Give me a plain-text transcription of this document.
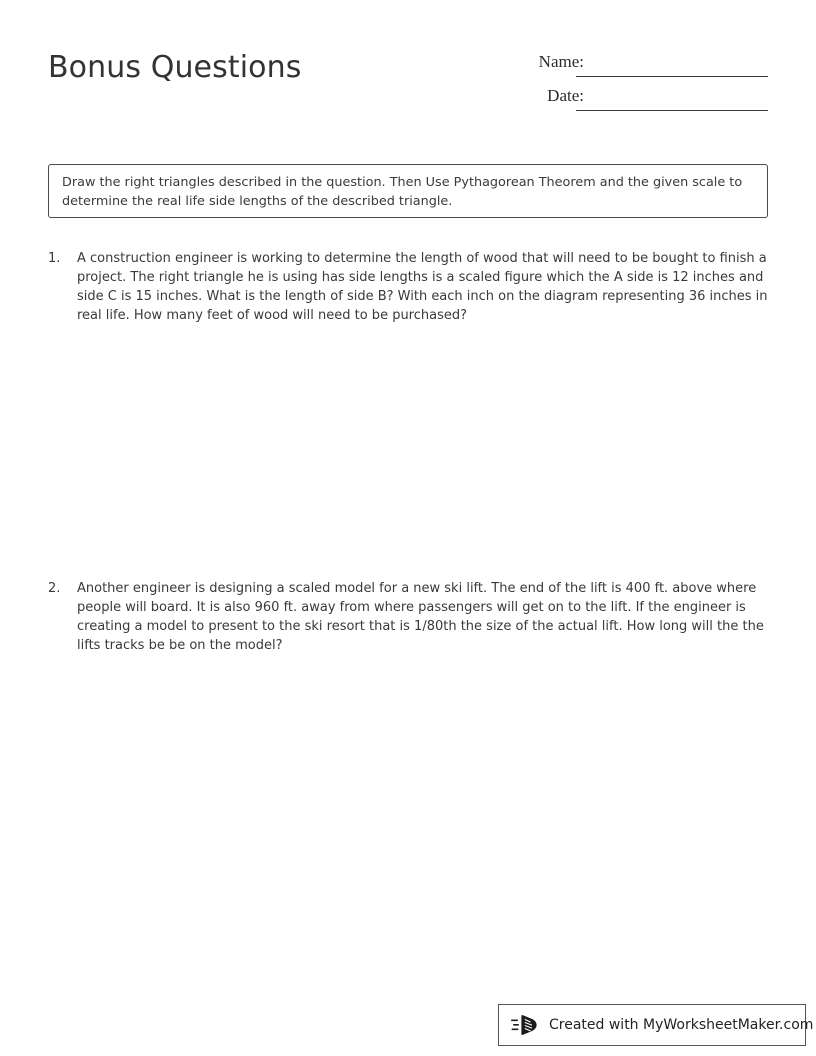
Bonus Questions	Name:
Date:
Draw the right triangles described in the question. Then Use Pythagorean Theorem and the given scale to determine the real life side lengths of the described triangle.
1.	A construction engineer is working to determine the length of wood that will need to be bought to finish a project. The right triangle he is using has side lengths is a scaled figure which the A side is 12 inches and side C is 15 inches. What is the length of side B? With each inch on the diagram representing 36 inches in real life. How many feet of wood will need to be purchased?
2.	Another engineer is designing a scaled model for a new ski lift. The end of the lift is 400 ft. above where people will board. It is also 960 ft. away from where passengers will get on to the lift. If the engineer is creating a model to present to the ski resort that is 1/80th the size of the actual lift. How long will the the lifts tracks be be on the model?
Created with MyWorksheetMaker.com
